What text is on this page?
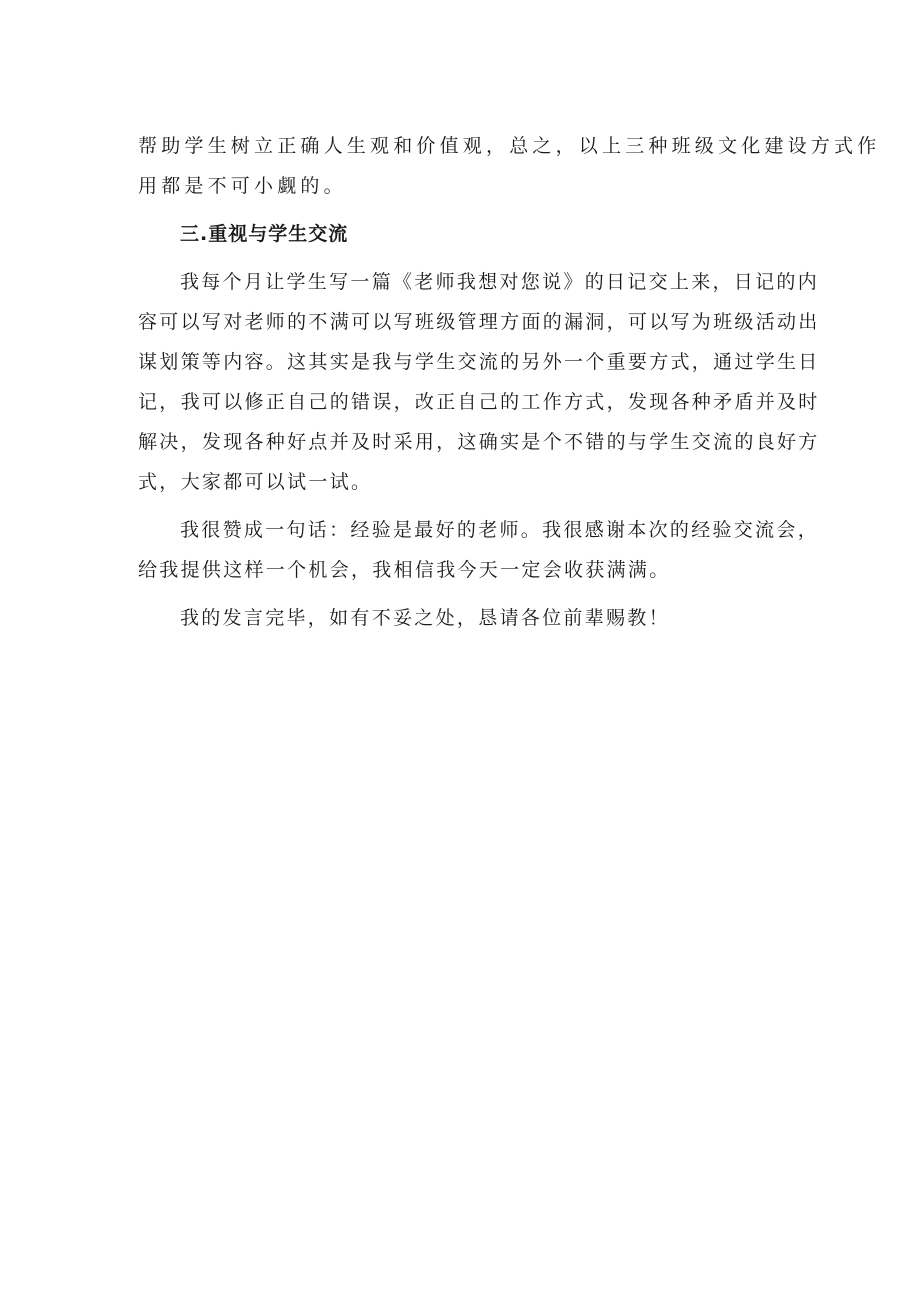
帮助学生树立正确人生观和价值观，总之，以上三种班级文化建设方式作
用都是不可小觑的。
三.重视与学生交流
我每个月让学生写一篇《老师我想对您说》的日记交上来，日记的内
容可以写对老师的不满可以写班级管理方面的漏洞，可以写为班级活动出
谋划策等内容。这其实是我与学生交流的另外一个重要方式，通过学生日
记，我可以修正自己的错误，改正自己的工作方式，发现各种矛盾并及时
解决，发现各种好点并及时采用，这确实是个不错的与学生交流的良好方
式，大家都可以试一试。
我很赞成一句话：经验是最好的老师。我很感谢本次的经验交流会，
给我提供这样一个机会，我相信我今天一定会收获满满。
我的发言完毕，如有不妥之处，恳请各位前辈赐教！
